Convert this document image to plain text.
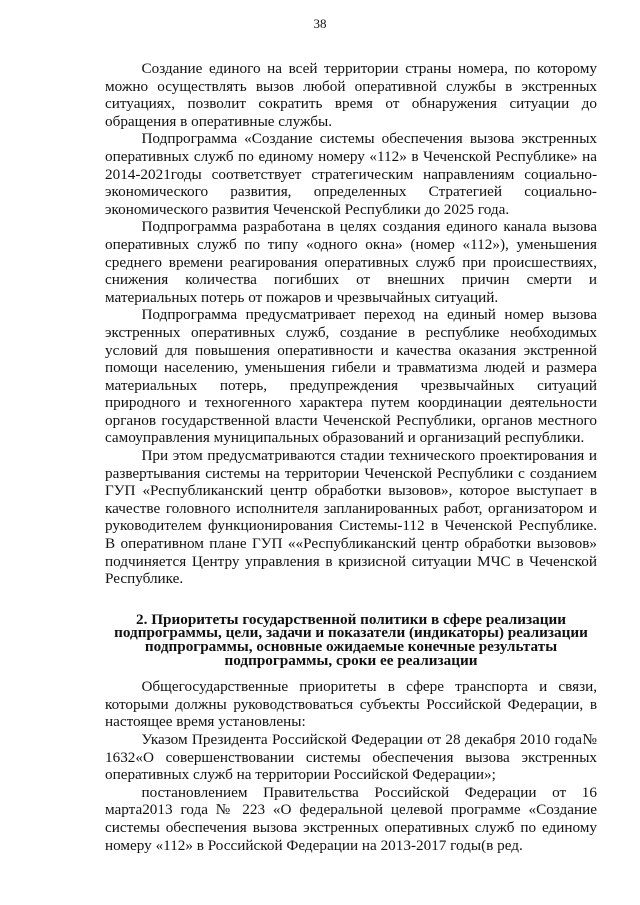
38

Создание единого на всей территории страны номера, по которому можно осуществлять вызов любой оперативной службы в экстренных ситуациях, позволит сократить время от обнаружения ситуации до обращения в оперативные службы.

Подпрограмма «Создание системы обеспечения вызова экстренных оперативных служб по единому номеру «112» в Чеченской Республике» на 2014-2021годы соответствует стратегическим направлениям социально-экономического развития, определенных Стратегией социально-экономического развития Чеченской Республики до 2025 года.

Подпрограмма разработана в целях создания единого канала вызова оперативных служб по типу «одного окна» (номер «112»), уменьшения среднего времени реагирования оперативных служб при происшествиях, снижения количества погибших от внешних причин смерти и материальных потерь от пожаров и чрезвычайных ситуаций.

Подпрограмма предусматривает переход на единый номер вызова экстренных оперативных служб, создание в республике необходимых условий для повышения оперативности и качества оказания экстренной помощи населению, уменьшения гибели и травматизма людей и размера материальных потерь, предупреждения чрезвычайных ситуаций природного и техногенного характера путем координации деятельности органов государственной власти Чеченской Республики, органов местного самоуправления муниципальных образований и организаций республики.

При этом предусматриваются стадии технического проектирования и развертывания системы на территории Чеченской Республики с созданием ГУП «Республиканский центр обработки вызовов», которое выступает в качестве головного исполнителя запланированных работ, организатором и руководителем функционирования Системы-112 в Чеченской Республике. В оперативном плане ГУП ««Республиканский центр обработки вызовов» подчиняется Центру управления в кризисной ситуации МЧС в Чеченской Республике.

2. Приоритеты государственной политики в сфере реализации

подпрограммы, цели, задачи и показатели (индикаторы) реализации

подпрограммы, основные ожидаемые конечные результаты

подпрограммы, сроки ее реализации

Общегосударственные приоритеты в сфере транспорта и связи, которыми должны руководствоваться субъекты Российской Федерации, в настоящее время установлены:

Указом Президента Российской Федерации от 28 декабря 2010 года№ 1632«О совершенствовании системы обеспечения вызова экстренных оперативных служб на территории Российской Федерации»;

постановлением Правительства Российской Федерации от 16 марта2013 года № 223 «О федеральной целевой программе «Создание системы обеспечения вызова экстренных оперативных служб по единому номеру «112» в Российской Федерации на 2013-2017 годы(в ред.
